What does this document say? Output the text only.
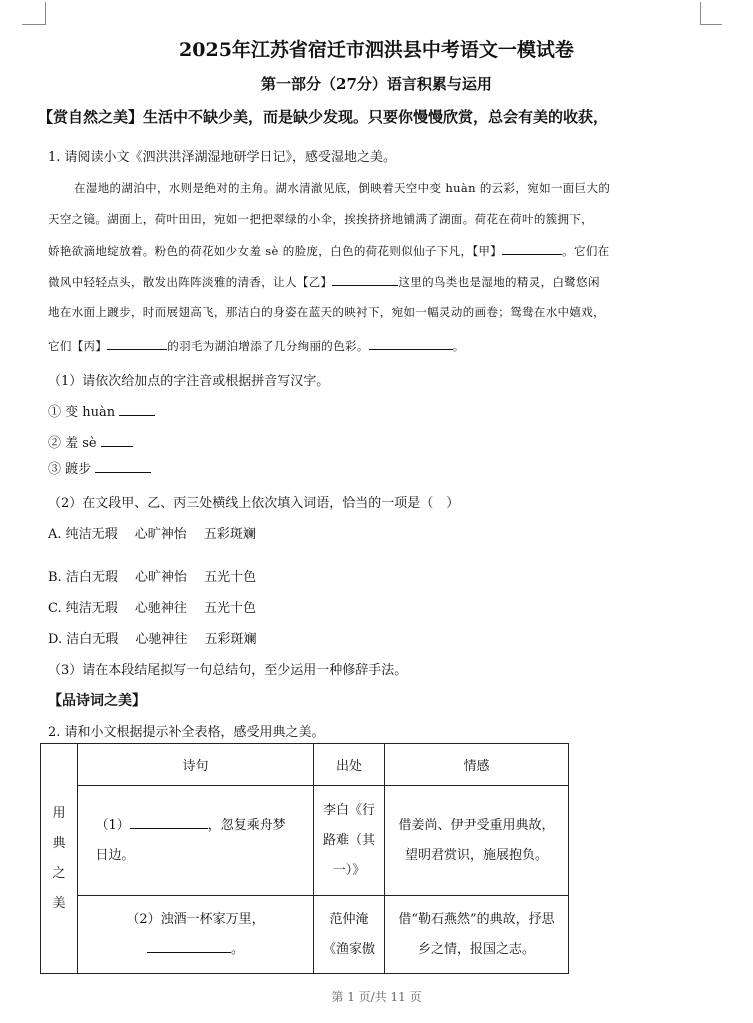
2025年江苏省宿迁市泗洪县中考语文一模试卷
第一部分（27分）语言积累与运用
【赏自然之美】生活中不缺少美，而是缺少发现。只要你慢慢欣赏，总会有美的收获，
1. 请阅读小文《泗洪洪泽湖湿地研学日记》，感受湿地之美。
在湿地的湖泊中，水则是绝对的主角。湖水清澈见底，倒映着天空中变 huàn 的云彩，宛如一面巨大的
天空之镜。湖面上，荷叶田田，宛如一把把翠绿的小伞，挨挨挤挤地铺满了湖面。荷花在荷叶的簇拥下，
娇艳欲滴地绽放着。粉色的荷花如少女羞 sè 的脸庞，白色的荷花则似仙子下凡，【甲】	。它们在
微风中轻轻点头，散发出阵阵淡雅的清香，让人【乙】	这里的鸟类也是湿地的精灵，白鹭悠闲
地在水面上踱步，时而展翅高飞，那洁白的身姿在蓝天的映衬下，宛如一幅灵动的画卷；鸳鸯在水中嬉戏，
它们【丙】	的羽毛为湖泊增添了几分绚丽的色彩。	。
（1）请依次给加点的字注音或根据拼音写汉字。
① 变 huàn
② 羞 sè
③ 踱步
（2）在文段甲、乙、丙三处横线上依次填入词语，恰当的一项是（　）
A. 纯洁无瑕　 心旷神怡　 五彩斑斓
B. 洁白无瑕　 心旷神怡　 五光十色
C. 纯洁无瑕　 心驰神往　 五光十色
D. 洁白无瑕　 心驰神往　 五彩斑斓
（3）请在本段结尾拟写一句总结句，至少运用一种修辞手法。
【品诗词之美】
2. 请和小文根据提示补全表格，感受用典之美。
用
典
之
美	诗句	出处	情感

	（1） ，忽复乘舟梦日边。	李白《行路难（其一）》	借姜尚、伊尹受重用典故，望明君赏识，施展抱负。

	（2）浊酒一杯家万里，
。	范仲淹《渔家傲	借“勒石燕然”的典故，抒思乡之情，报国之志。
第 1 页/共 11 页
